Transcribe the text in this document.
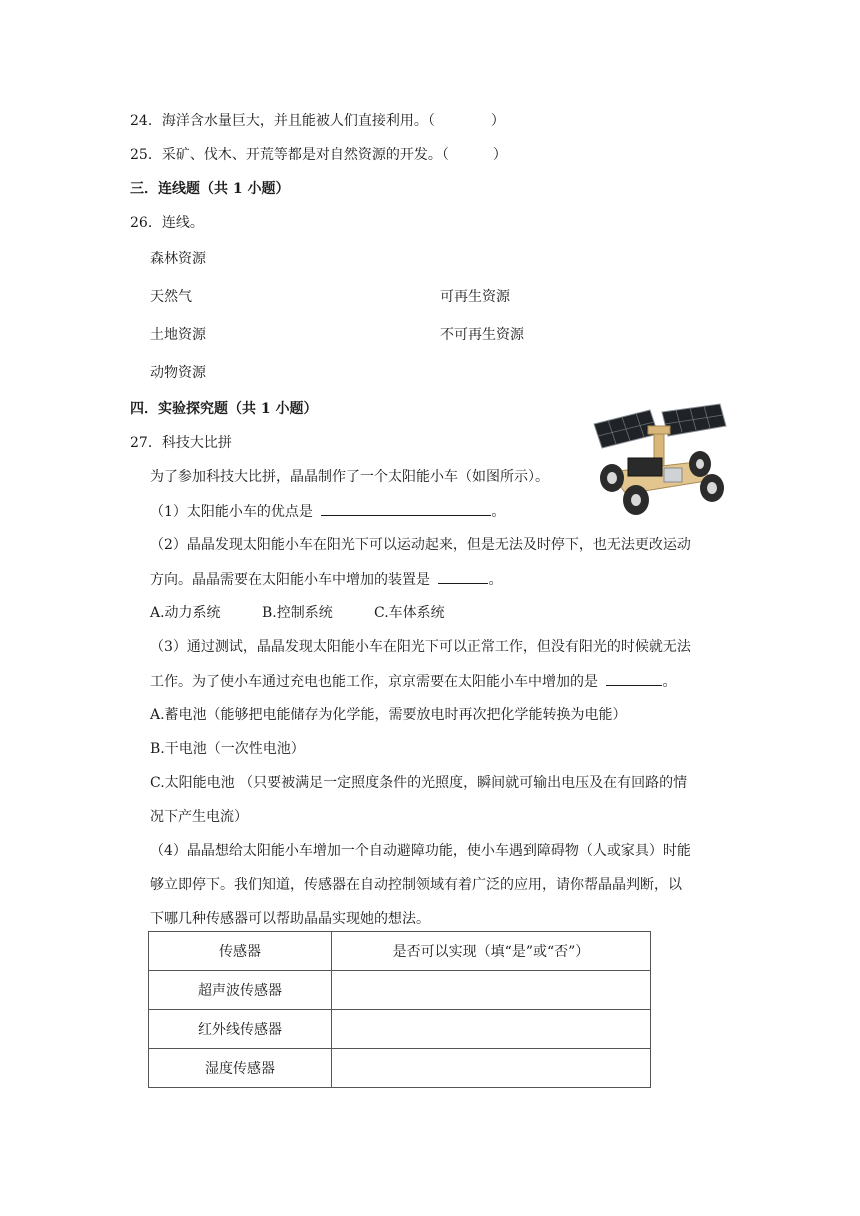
24．海洋含水量巨大，并且能被人们直接利用。（	）
25．采矿、伐木、开荒等都是对自然资源的开发。（	）
三．连线题（共 1 小题）
26．连线。
森林资源
天然气
土地资源
动物资源
可再生资源
不可再生资源
四．实验探究题（共 1 小题）
27．科技大比拼
为了参加科技大比拼，晶晶制作了一个太阳能小车（如图所示）。
（1）太阳能小车的优点是	。
（2）晶晶发现太阳能小车在阳光下可以运动起来，但是无法及时停下，也无法更改运动
方向。晶晶需要在太阳能小车中增加的装置是	。
A.动力系统	B.控制系统	C.车体系统
（3）通过测试，晶晶发现太阳能小车在阳光下可以正常工作，但没有阳光的时候就无法
工作。为了使小车通过充电也能工作，京京需要在太阳能小车中增加的是	。
A.蓄电池（能够把电能储存为化学能，需要放电时再次把化学能转换为电能）
B.干电池（一次性电池）
C.太阳能电池 （只要被满足一定照度条件的光照度，瞬间就可输出电压及在有回路的情
况下产生电流）
（4）晶晶想给太阳能小车增加一个自动避障功能，使小车遇到障碍物（人或家具）时能
够立即停下。我们知道，传感器在自动控制领域有着广泛的应用，请你帮晶晶判断，以
下哪几种传感器可以帮助晶晶实现她的想法。
传感器	是否可以实现（填“是”或“否”）
超声波传感器	
红外线传感器	
湿度传感器	
